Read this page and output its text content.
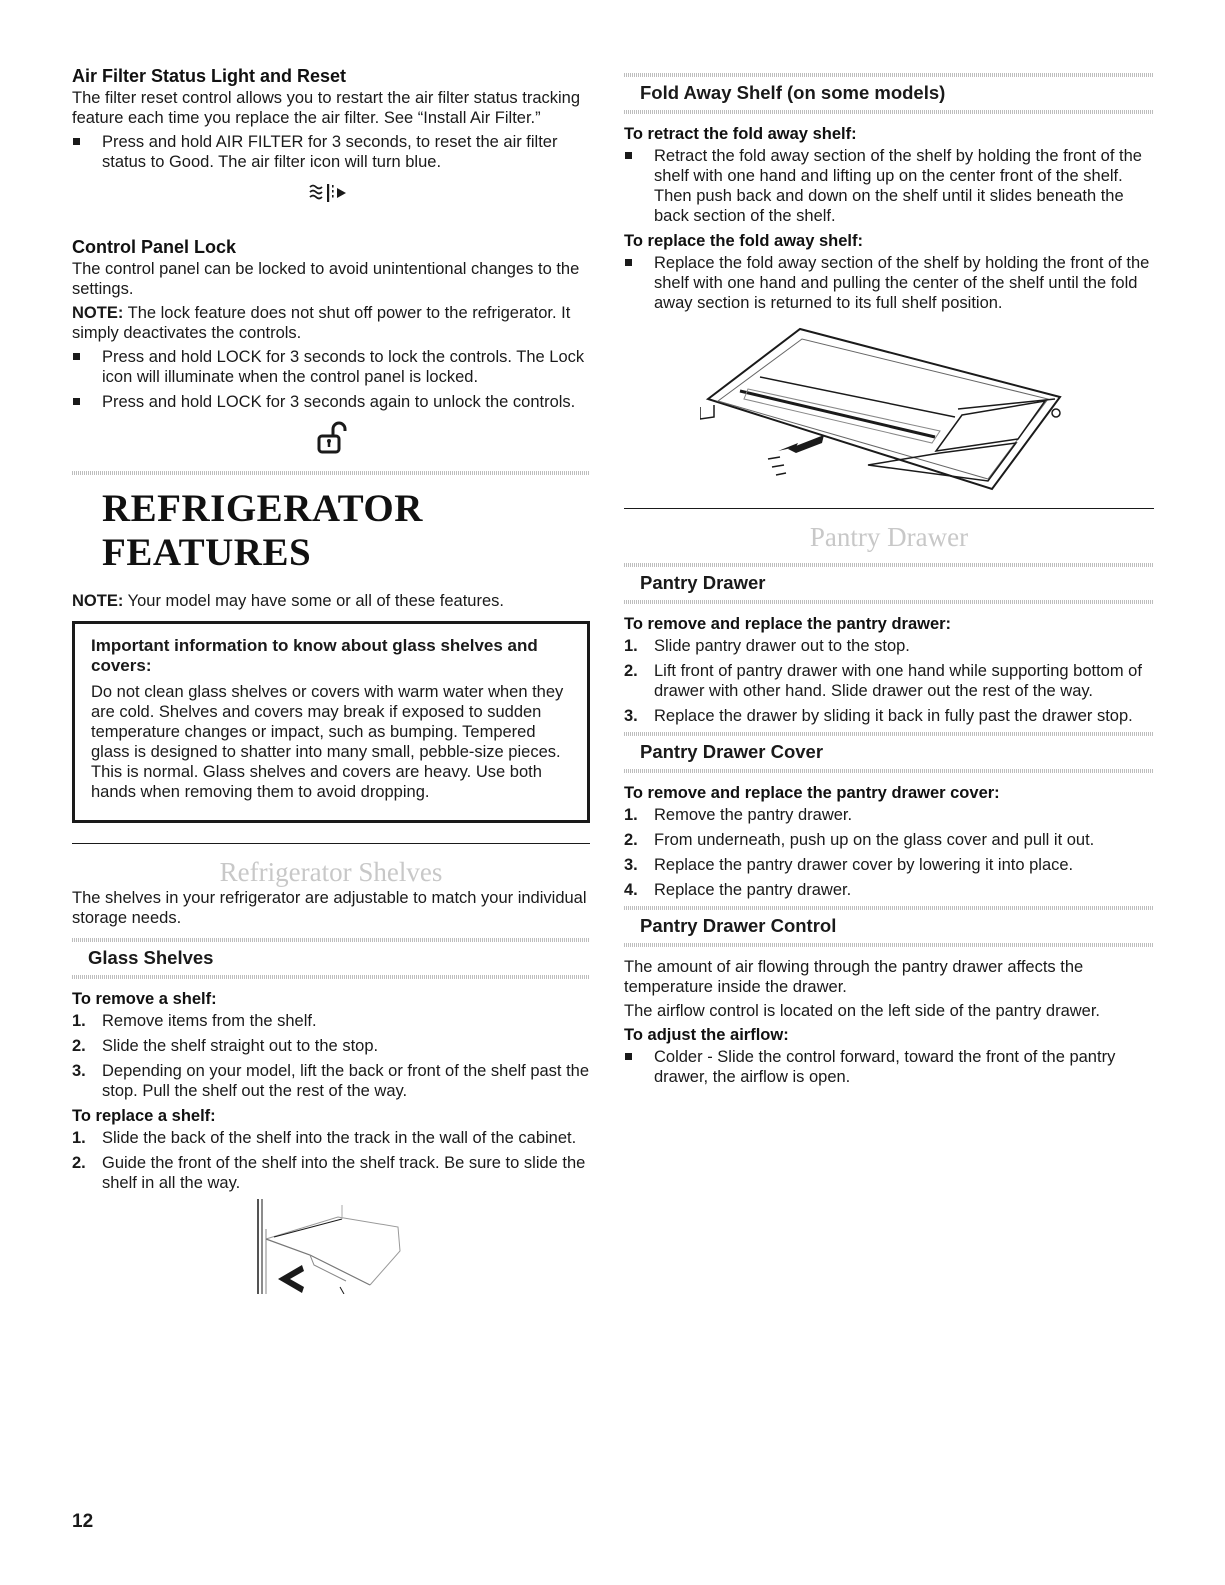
Air Filter Status Light and Reset

The filter reset control allows you to restart the air filter status tracking feature each time you replace the air filter. See “Install Air Filter.”

Press and hold AIR FILTER for 3 seconds, to reset the air filter status to Good. The air filter icon will turn blue.
Control Panel Lock

The control panel can be locked to avoid unintentional changes to the settings.

NOTE: The lock feature does not shut off power to the refrigerator. It simply deactivates the controls.

Press and hold LOCK for 3 seconds to lock the controls. The Lock icon will illuminate when the control panel is locked.
Press and hold LOCK for 3 seconds again to unlock the controls.
REFRIGERATOR FEATURES

NOTE: Your model may have some or all of these features.

Important information to know about glass shelves and covers:
Do not clean glass shelves or covers with warm water when they are cold. Shelves and covers may break if exposed to sudden temperature changes or impact, such as bumping. Tempered glass is designed to shatter into many small, pebble-size pieces. This is normal. Glass shelves and covers are heavy. Use both hands when removing them to avoid dropping.
Refrigerator Shelves

The shelves in your refrigerator are adjustable to match your individual storage needs.

Glass Shelves
To remove a shelf:
1. Remove items from the shelf.
2. Slide the shelf straight out to the stop.
3. Depending on your model, lift the back or front of the shelf past the stop. Pull the shelf out the rest of the way.
To replace a shelf:
1. Slide the back of the shelf into the track in the wall of the cabinet.
2. Guide the front of the shelf into the shelf track. Be sure to slide the shelf in all the way.
12
Fold Away Shelf (on some models)
To retract the fold away shelf:
Retract the fold away section of the shelf by holding the front of the shelf with one hand and lifting up on the center front of the shelf. Then push back and down on the shelf until it slides beneath the back section of the shelf.
To replace the fold away shelf:
Replace the fold away section of the shelf by holding the front of the shelf with one hand and pulling the center of the shelf until the fold away section is returned to its full shelf position.
Pantry Drawer
Pantry Drawer
To remove and replace the pantry drawer:
1. Slide pantry drawer out to the stop.
2. Lift front of pantry drawer with one hand while supporting bottom of drawer with other hand. Slide drawer out the rest of the way.
3. Replace the drawer by sliding it back in fully past the drawer stop.
Pantry Drawer Cover
To remove and replace the pantry drawer cover:
1. Remove the pantry drawer.
2. From underneath, push up on the glass cover and pull it out.
3. Replace the pantry drawer cover by lowering it into place.
4. Replace the pantry drawer.
Pantry Drawer Control

The amount of air flowing through the pantry drawer affects the temperature inside the drawer.

The airflow control is located on the left side of the pantry drawer.

To adjust the airflow:
Colder - Slide the control forward, toward the front of the pantry drawer, the airflow is open.
